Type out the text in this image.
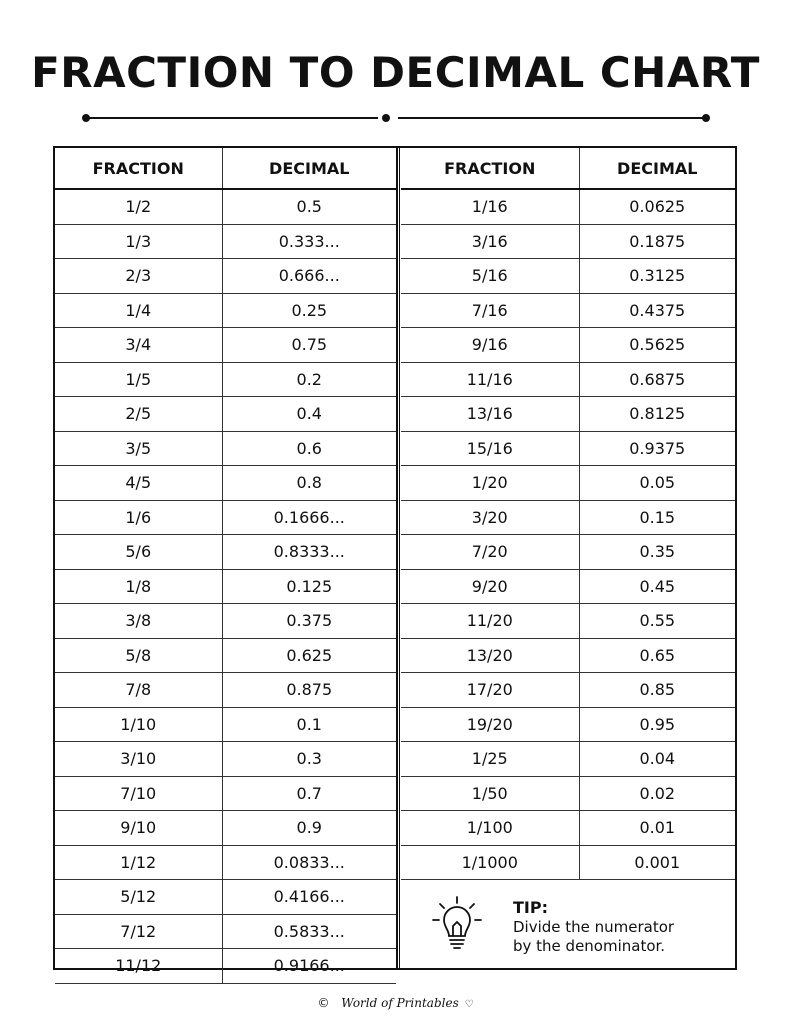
FRACTION TO DECIMAL CHART
FRACTION	DECIMAL
1/2	0.5
1/3	0.333...
2/3	0.666...
1/4	0.25
3/4	0.75
1/5	0.2
2/5	0.4
3/5	0.6
4/5	0.8
1/6	0.1666...
5/6	0.8333...
1/8	0.125
3/8	0.375
5/8	0.625
7/8	0.875
1/10	0.1
3/10	0.3
7/10	0.7
9/10	0.9
1/12	0.0833...
5/12	0.4166...
7/12	0.5833...
11/12	0.9166...
FRACTION	DECIMAL
1/16	0.0625
3/16	0.1875
5/16	0.3125
7/16	0.4375
9/16	0.5625
11/16	0.6875
13/16	0.8125
15/16	0.9375
1/20	0.05
3/20	0.15
7/20	0.35
9/20	0.45
11/20	0.55
13/20	0.65
17/20	0.85
19/20	0.95
1/25	0.04
1/50	0.02
1/100	0.01
1/1000	0.001
TIP:
Divide the numerator
by the denominator.
© World of Printables ♡
